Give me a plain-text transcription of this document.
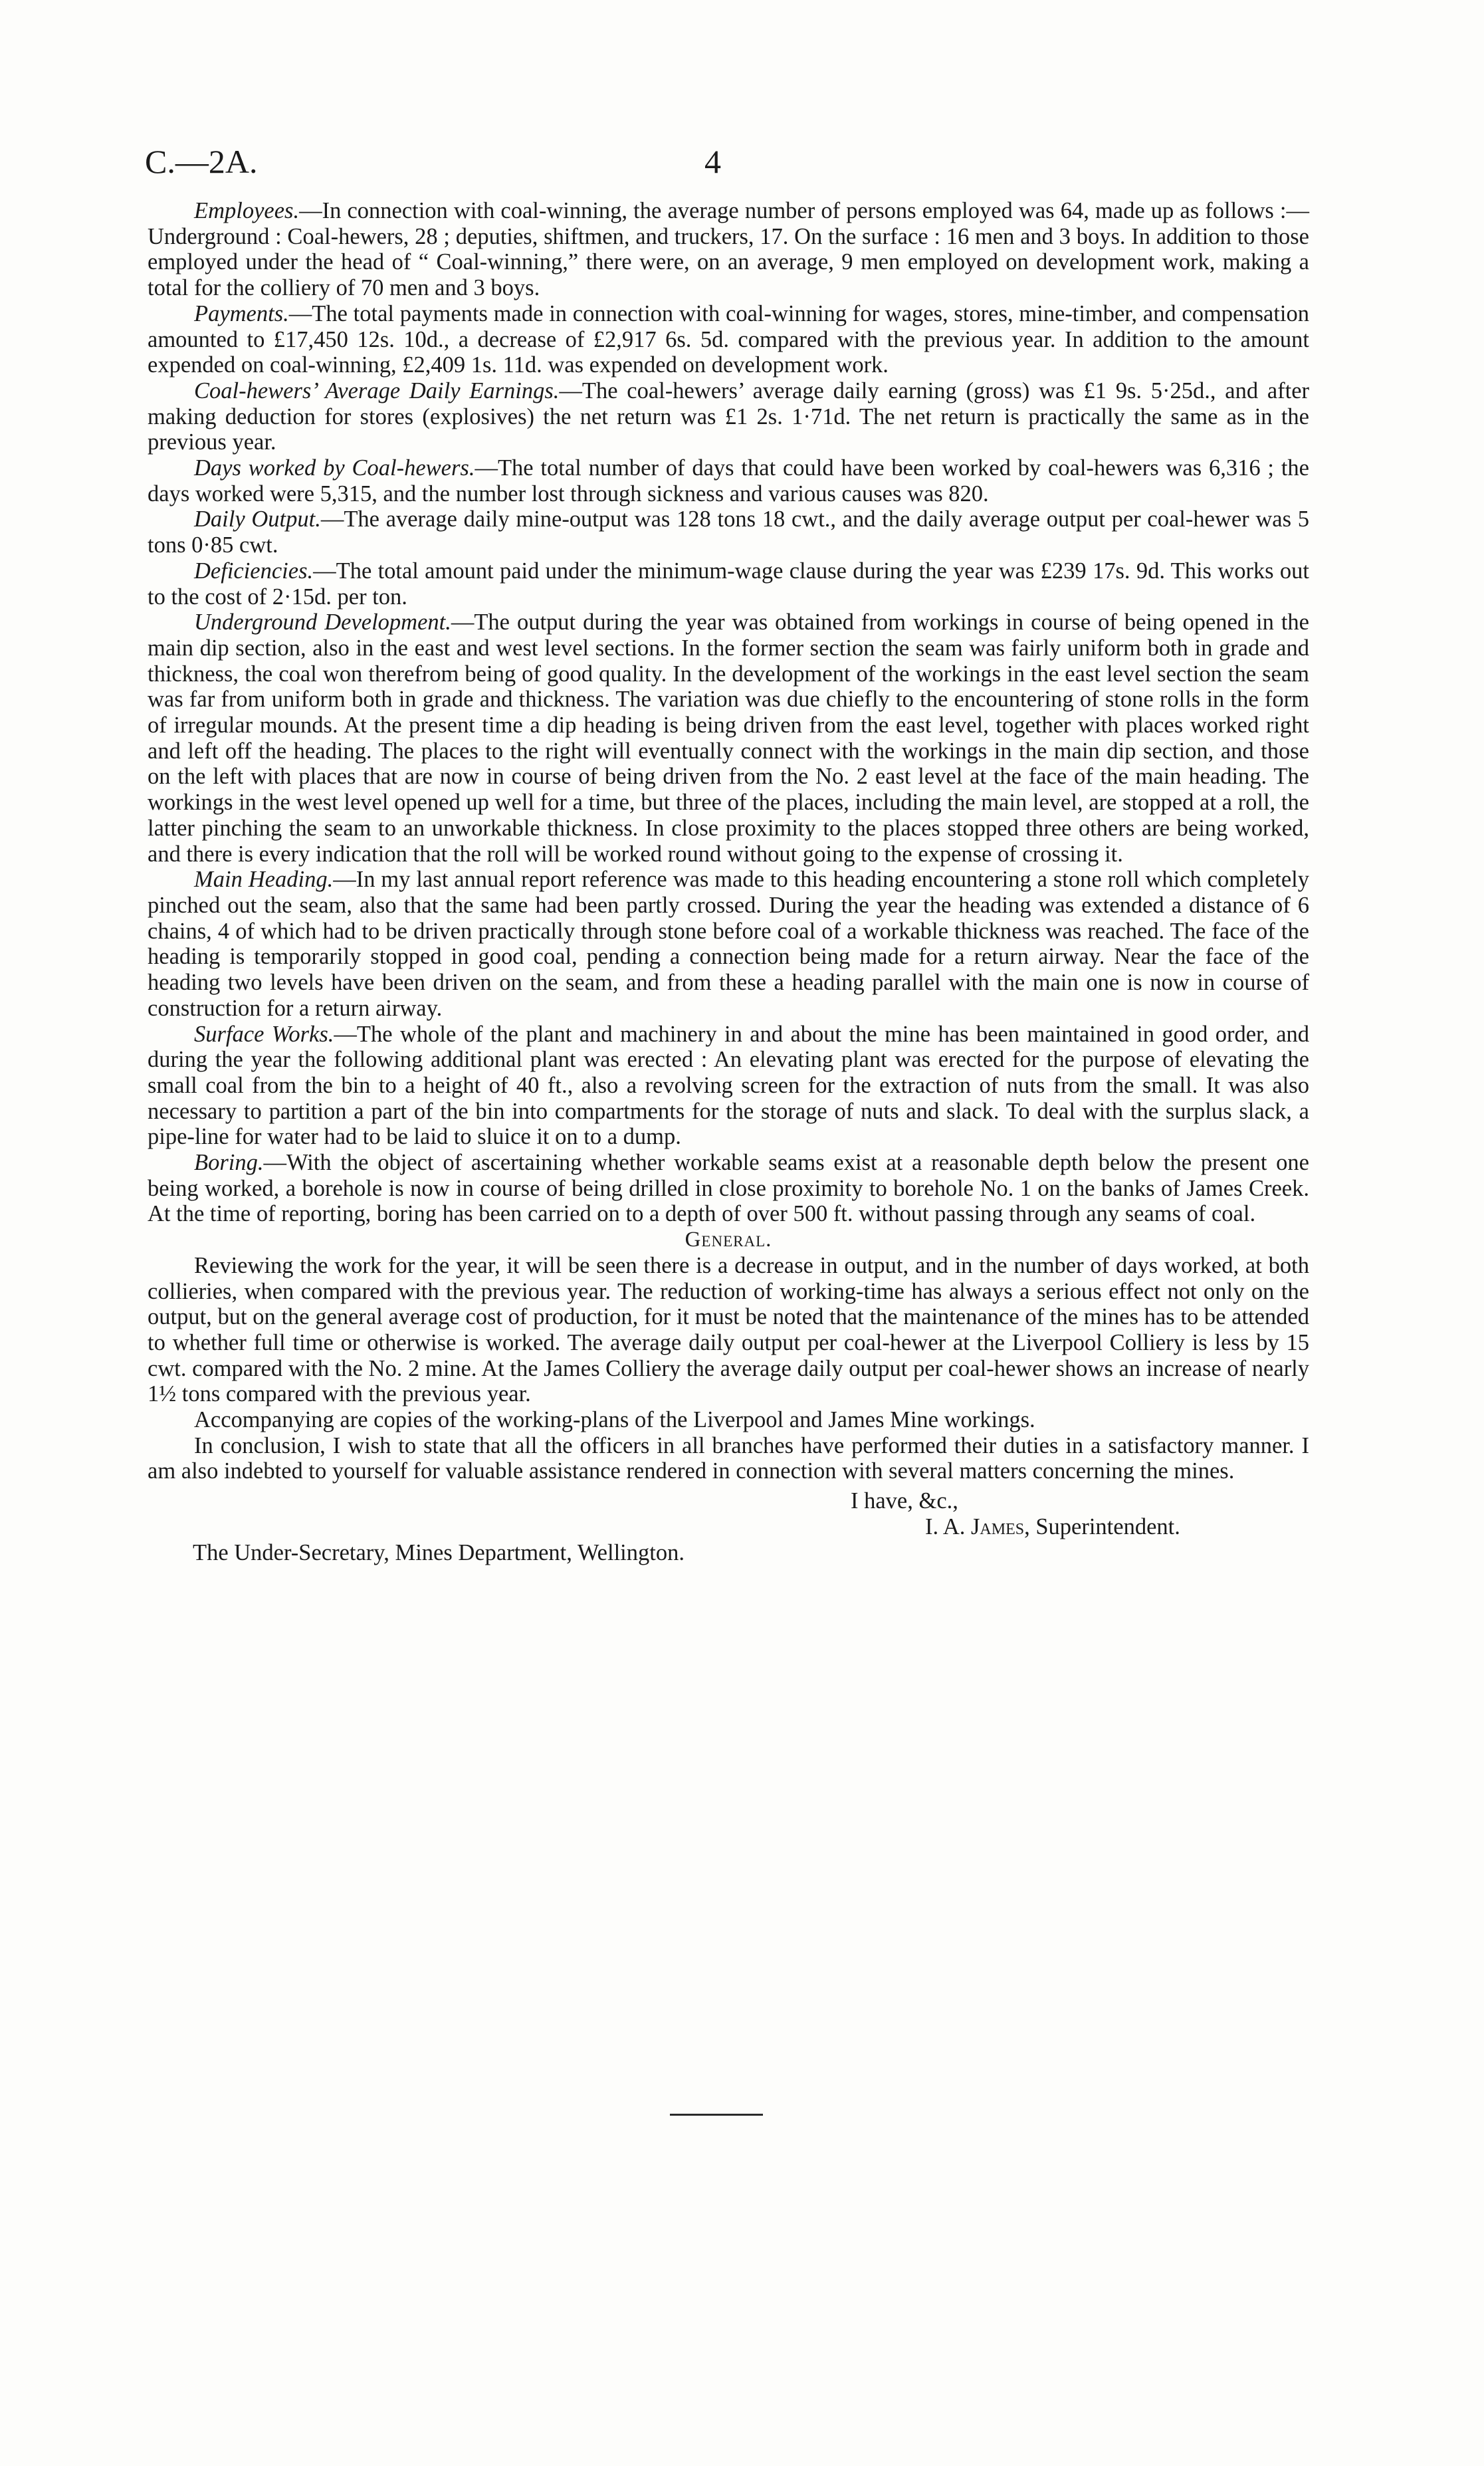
C.—2A.	4

Employees.—In connection with coal-winning, the average number of persons employed was 64, made up as follows :—Underground : Coal-hewers, 28 ; deputies, shiftmen, and truckers, 17. On the surface : 16 men and 3 boys. In addition to those employed under the head of “ Coal-winning,” there were, on an average, 9 men employed on development work, making a total for the colliery of 70 men and 3 boys.

Payments.—The total payments made in connection with coal-winning for wages, stores, mine-timber, and compensation amounted to £17,450 12s. 10d., a decrease of £2,917 6s. 5d. compared with the previous year. In addition to the amount expended on coal-winning, £2,409 1s. 11d. was expended on development work.

Coal-hewers’ Average Daily Earnings.—The coal-hewers’ average daily earning (gross) was £1 9s. 5·25d., and after making deduction for stores (explosives) the net return was £1 2s. 1·71d. The net return is practically the same as in the previous year.

Days worked by Coal-hewers.—The total number of days that could have been worked by coal-hewers was 6,316 ; the days worked were 5,315, and the number lost through sickness and various causes was 820.

Daily Output.—The average daily mine-output was 128 tons 18 cwt., and the daily average output per coal-hewer was 5 tons 0·85 cwt.

Deficiencies.—The total amount paid under the minimum-wage clause during the year was £239 17s. 9d. This works out to the cost of 2·15d. per ton.

Underground Development.—The output during the year was obtained from workings in course of being opened in the main dip section, also in the east and west level sections. In the former section the seam was fairly uniform both in grade and thickness, the coal won therefrom being of good quality. In the development of the workings in the east level section the seam was far from uniform both in grade and thickness. The variation was due chiefly to the encountering of stone rolls in the form of irregular mounds. At the present time a dip heading is being driven from the east level, together with places worked right and left off the heading. The places to the right will eventually connect with the workings in the main dip section, and those on the left with places that are now in course of being driven from the No. 2 east level at the face of the main heading. The workings in the west level opened up well for a time, but three of the places, including the main level, are stopped at a roll, the latter pinching the seam to an unworkable thickness. In close proximity to the places stopped three others are being worked, and there is every indication that the roll will be worked round without going to the expense of crossing it.

Main Heading.—In my last annual report reference was made to this heading encountering a stone roll which completely pinched out the seam, also that the same had been partly crossed. During the year the heading was extended a distance of 6 chains, 4 of which had to be driven practically through stone before coal of a workable thickness was reached. The face of the heading is temporarily stopped in good coal, pending a connection being made for a return airway. Near the face of the heading two levels have been driven on the seam, and from these a heading parallel with the main one is now in course of construction for a return airway.

Surface Works.—The whole of the plant and machinery in and about the mine has been maintained in good order, and during the year the following additional plant was erected : An elevating plant was erected for the purpose of elevating the small coal from the bin to a height of 40 ft., also a revolving screen for the extraction of nuts from the small. It was also necessary to partition a part of the bin into compartments for the storage of nuts and slack. To deal with the surplus slack, a pipe-line for water had to be laid to sluice it on to a dump.

Boring.—With the object of ascertaining whether workable seams exist at a reasonable depth below the present one being worked, a borehole is now in course of being drilled in close proximity to borehole No. 1 on the banks of James Creek. At the time of reporting, boring has been carried on to a depth of over 500 ft. without passing through any seams of coal.

General.

Reviewing the work for the year, it will be seen there is a decrease in output, and in the number of days worked, at both collieries, when compared with the previous year. The reduction of working-time has always a serious effect not only on the output, but on the general average cost of production, for it must be noted that the maintenance of the mines has to be attended to whether full time or otherwise is worked. The average daily output per coal-hewer at the Liverpool Colliery is less by 15 cwt. compared with the No. 2 mine. At the James Colliery the average daily output per coal-hewer shows an increase of nearly 1½ tons compared with the previous year.

Accompanying are copies of the working-plans of the Liverpool and James Mine workings.

In conclusion, I wish to state that all the officers in all branches have performed their duties in a satisfactory manner. I am also indebted to yourself for valuable assistance rendered in connection with several matters concerning the mines.

I have, &c.,

I. A. James, Superintendent.

The Under-Secretary, Mines Department, Wellington.
